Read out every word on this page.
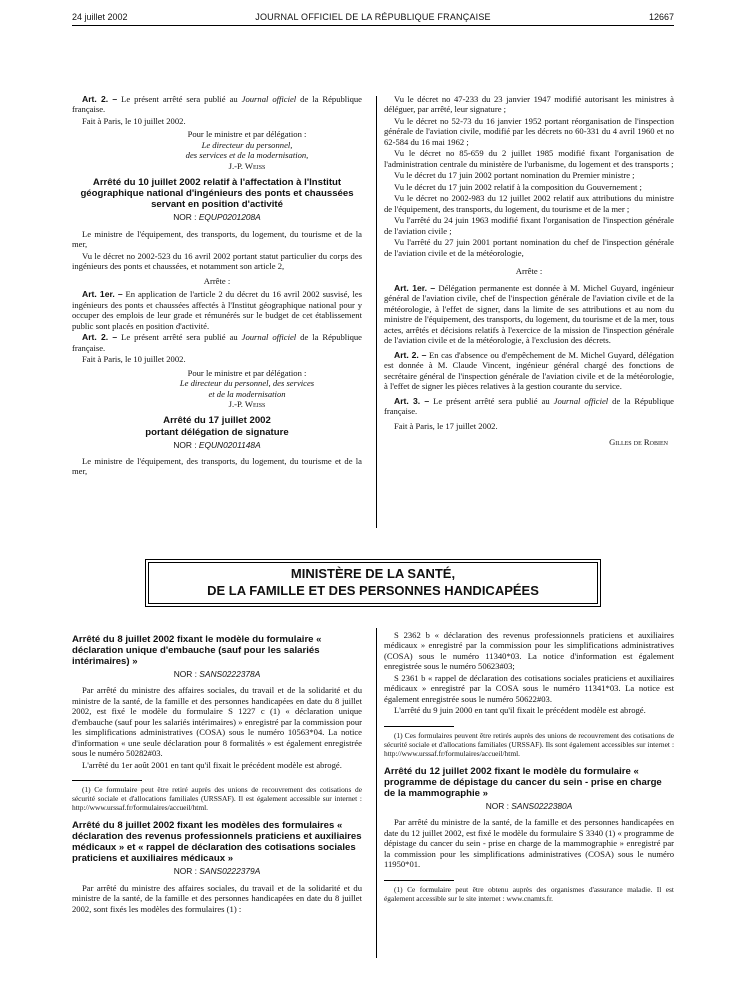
24 juillet 2002	JOURNAL OFFICIEL DE LA RÉPUBLIQUE FRANÇAISE	12667

Art. 2. – Le présent arrêté sera publié au Journal officiel de la République française.

Fait à Paris, le 10 juillet 2002.

Pour le ministre et par délégation :
Le directeur du personnel,
des services et de la modernisation,
J.-P. Weiss
Arrêté du 10 juillet 2002 relatif à l'affectation à l'Institut géographique national d'ingénieurs des ponts et chaussées servant en position d'activité
NOR : EQUP0201208A

Le ministre de l'équipement, des transports, du logement, du tourisme et de la mer,

Vu le décret no 2002-523 du 16 avril 2002 portant statut particulier du corps des ingénieurs des ponts et chaussées, et notamment son article 2,

Arrête :

Art. 1er. – En application de l'article 2 du décret du 16 avril 2002 susvisé, les ingénieurs des ponts et chaussées affectés à l'Institut géographique national pour y occuper des emplois de leur grade et rémunérés sur le budget de cet établissement public sont placés en position d'activité.

Art. 2. – Le présent arrêté sera publié au Journal officiel de la République française.

Fait à Paris, le 10 juillet 2002.

Pour le ministre et par délégation :
Le directeur du personnel, des services
et de la modernisation
J.-P. Weiss
Arrêté du 17 juillet 2002
portant délégation de signature
NOR : EQUN0201148A

Le ministre de l'équipement, des transports, du logement, du tourisme et de la mer,

Vu le décret no 47-233 du 23 janvier 1947 modifié autorisant les ministres à déléguer, par arrêté, leur signature ;

Vu le décret no 52-73 du 16 janvier 1952 portant réorganisation de l'inspection générale de l'aviation civile, modifié par les décrets no 60-331 du 4 avril 1960 et no 62-584 du 16 mai 1962 ;

Vu le décret no 85-659 du 2 juillet 1985 modifié fixant l'organisation de l'administration centrale du ministère de l'urbanisme, du logement et des transports ;

Vu le décret du 17 juin 2002 portant nomination du Premier ministre ;

Vu le décret du 17 juin 2002 relatif à la composition du Gouvernement ;

Vu le décret no 2002-983 du 12 juillet 2002 relatif aux attributions du ministre de l'équipement, des transports, du logement, du tourisme et de la mer ;

Vu l'arrêté du 24 juin 1963 modifié fixant l'organisation de l'inspection générale de l'aviation civile ;

Vu l'arrêté du 27 juin 2001 portant nomination du chef de l'inspection générale de l'aviation civile et de la météorologie,

Arrête :

Art. 1er. – Délégation permanente est donnée à M. Michel Guyard, ingénieur général de l'aviation civile, chef de l'inspection générale de l'aviation civile et de la météorologie, à l'effet de signer, dans la limite de ses attributions et au nom du ministre de l'équipement, des transports, du logement, du tourisme et de la mer, tous actes, arrêtés et décisions relatifs à l'exercice de la mission de l'inspection générale de l'aviation civile et de la météorologie, à l'exclusion des décrets.

Art. 2. – En cas d'absence ou d'empêchement de M. Michel Guyard, délégation est donnée à M. Claude Vincent, ingénieur général chargé des fonctions de secrétaire général de l'inspection générale de l'aviation civile et de la météorologie, à l'effet de signer les pièces relatives à la gestion courante du service.

Art. 3. – Le présent arrêté sera publié au Journal officiel de la République française.

Fait à Paris, le 17 juillet 2002.

Gilles de Robien
MINISTÈRE DE LA SANTÉ,
DE LA FAMILLE ET DES PERSONNES HANDICAPÉES
Arrêté du 8 juillet 2002 fixant le modèle du formulaire « déclaration unique d'embauche (sauf pour les salariés intérimaires) »
NOR : SANS0222378A

Par arrêté du ministre des affaires sociales, du travail et de la solidarité et du ministre de la santé, de la famille et des personnes handicapées en date du 8 juillet 2002, est fixé le modèle du formulaire S 1227 c (1) « déclaration unique d'embauche (sauf pour les salariés intérimaires) » enregistré par la commission pour les simplifications administratives (COSA) sous le numéro 10563*04. La notice d'information « une seule déclaration pour 8 formalités » est également enregistrée sous le numéro 50282#03.

L'arrêté du 1er août 2001 en tant qu'il fixait le précédent modèle est abrogé.

(1) Ce formulaire peut être retiré auprès des unions de recouvrement des cotisations de sécurité sociale et d'allocations familiales (URSSAF). Il est également accessible sur internet : http://www.urssaf.fr/formulaires/accueil/html.

Arrêté du 8 juillet 2002 fixant les modèles des formulaires « déclaration des revenus professionnels praticiens et auxiliaires médicaux » et « rappel de déclaration des cotisations sociales praticiens et auxiliaires médicaux »
NOR : SANS0222379A

Par arrêté du ministre des affaires sociales, du travail et de la solidarité et du ministre de la santé, de la famille et des personnes handicapées en date du 8 juillet 2002, sont fixés les modèles des formulaires (1) :

S 2362 b « déclaration des revenus professionnels praticiens et auxiliaires médicaux » enregistré par la commission pour les simplifications administratives (COSA) sous le numéro 11340*03. La notice d'information est également enregistrée sous le numéro 50623#03;

S 2361 b « rappel de déclaration des cotisations sociales praticiens et auxiliaires médicaux » enregistré par la COSA sous le numéro 11341*03. La notice est également enregistrée sous le numéro 50622#03.

L'arrêté du 9 juin 2000 en tant qu'il fixait le précédent modèle est abrogé.

(1) Ces formulaires peuvent être retirés auprès des unions de recouvrement des cotisations de sécurité sociale et d'allocations familiales (URSSAF). Ils sont également accessibles sur internet : http://www.urssaf.fr/formulaires/accueil/html.

Arrêté du 12 juillet 2002 fixant le modèle du formulaire « programme de dépistage du cancer du sein - prise en charge de la mammographie »
NOR : SANS0222380A

Par arrêté du ministre de la santé, de la famille et des personnes handicapées en date du 12 juillet 2002, est fixé le modèle du formulaire S 3340 (1) « programme de dépistage du cancer du sein - prise en charge de la mammographie » enregistré par la commission pour les simplifications administratives (COSA) sous le numéro 11950*01.

(1) Ce formulaire peut être obtenu auprès des organismes d'assurance maladie. Il est également accessible sur le site internet : www.cnamts.fr.
